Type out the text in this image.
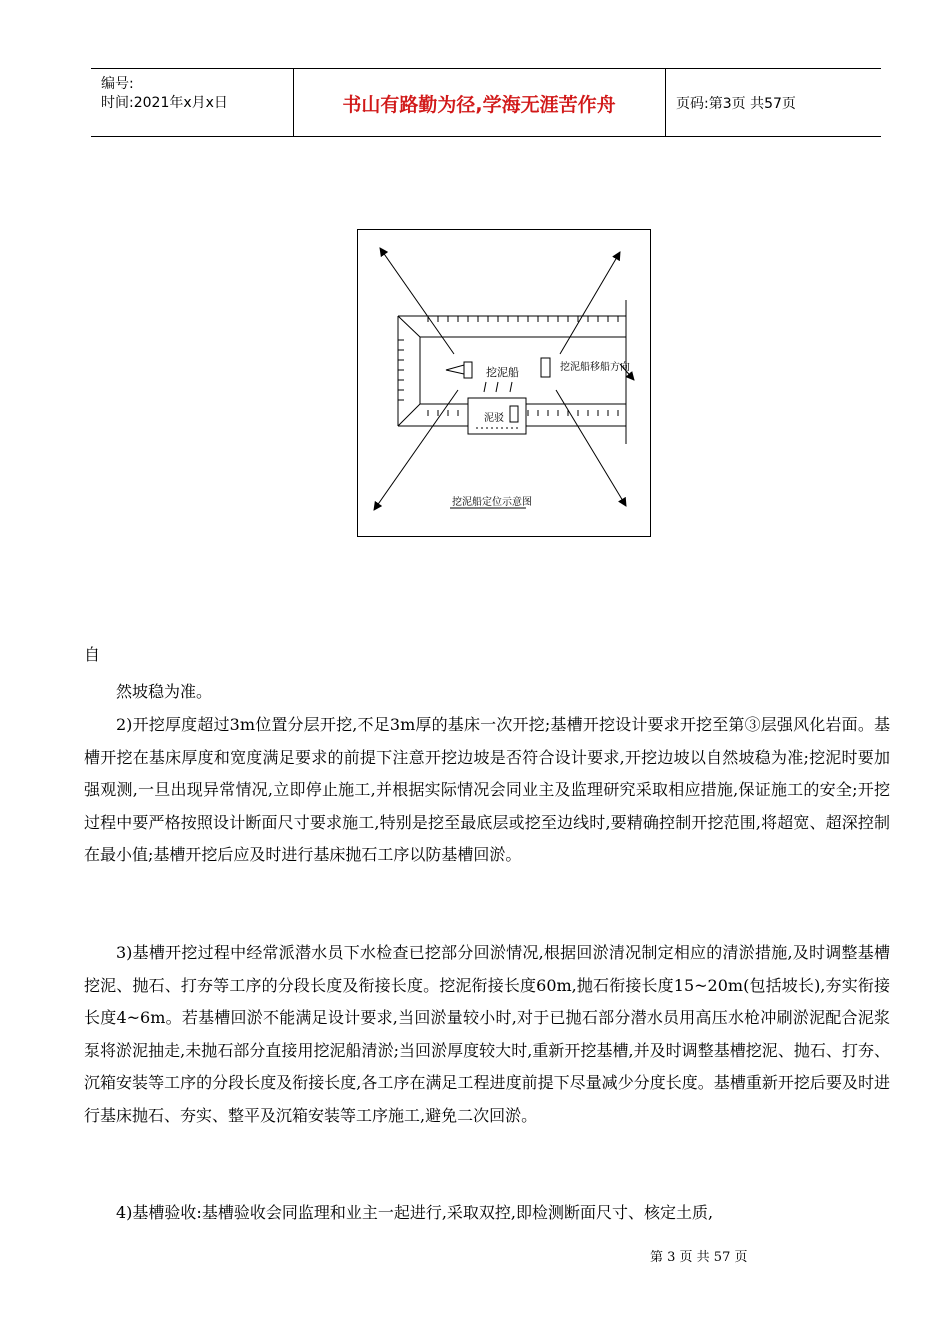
编号:
时间:2021年x月x日	书山有路勤为径,学海无涯苦作舟	页码:第3页 共57页
挖泥船	挖泥船移船方向
泥驳
挖泥船定位示意图
自
然坡稳为准。
2)开挖厚度超过3m位置分层开挖,不足3m厚的基床一次开挖;基槽开挖设计要求开挖至第③层强风化岩面。基槽开挖在基床厚度和宽度满足要求的前提下注意开挖边坡是否符合设计要求,开挖边坡以自然坡稳为准;挖泥时要加强观测,一旦出现异常情况,立即停止施工,并根据实际情况会同业主及监理研究采取相应措施,保证施工的安全;开挖过程中要严格按照设计断面尺寸要求施工,特别是挖至最底层或挖至边线时,要精确控制开挖范围,将超宽、超深控制在最小值;基槽开挖后应及时进行基床抛石工序以防基槽回淤。
3)基槽开挖过程中经常派潜水员下水检查已挖部分回淤情况,根据回淤清况制定相应的清淤措施,及时调整基槽挖泥、抛石、打夯等工序的分段长度及衔接长度。挖泥衔接长度60m,抛石衔接长度15~20m(包括坡长),夯实衔接长度4~6m。若基槽回淤不能满足设计要求,当回淤量较小时,对于已抛石部分潜水员用高压水枪冲刷淤泥配合泥浆泵将淤泥抽走,未抛石部分直接用挖泥船清淤;当回淤厚度较大时,重新开挖基槽,并及时调整基槽挖泥、抛石、打夯、沉箱安装等工序的分段长度及衔接长度,各工序在满足工程进度前提下尽量减少分度长度。基槽重新开挖后要及时进行基床抛石、夯实、整平及沉箱安装等工序施工,避免二次回淤。
4)基槽验收:基槽验收会同监理和业主一起进行,采取双控,即检测断面尺寸、核定土质,
第 3 页 共 57 页
